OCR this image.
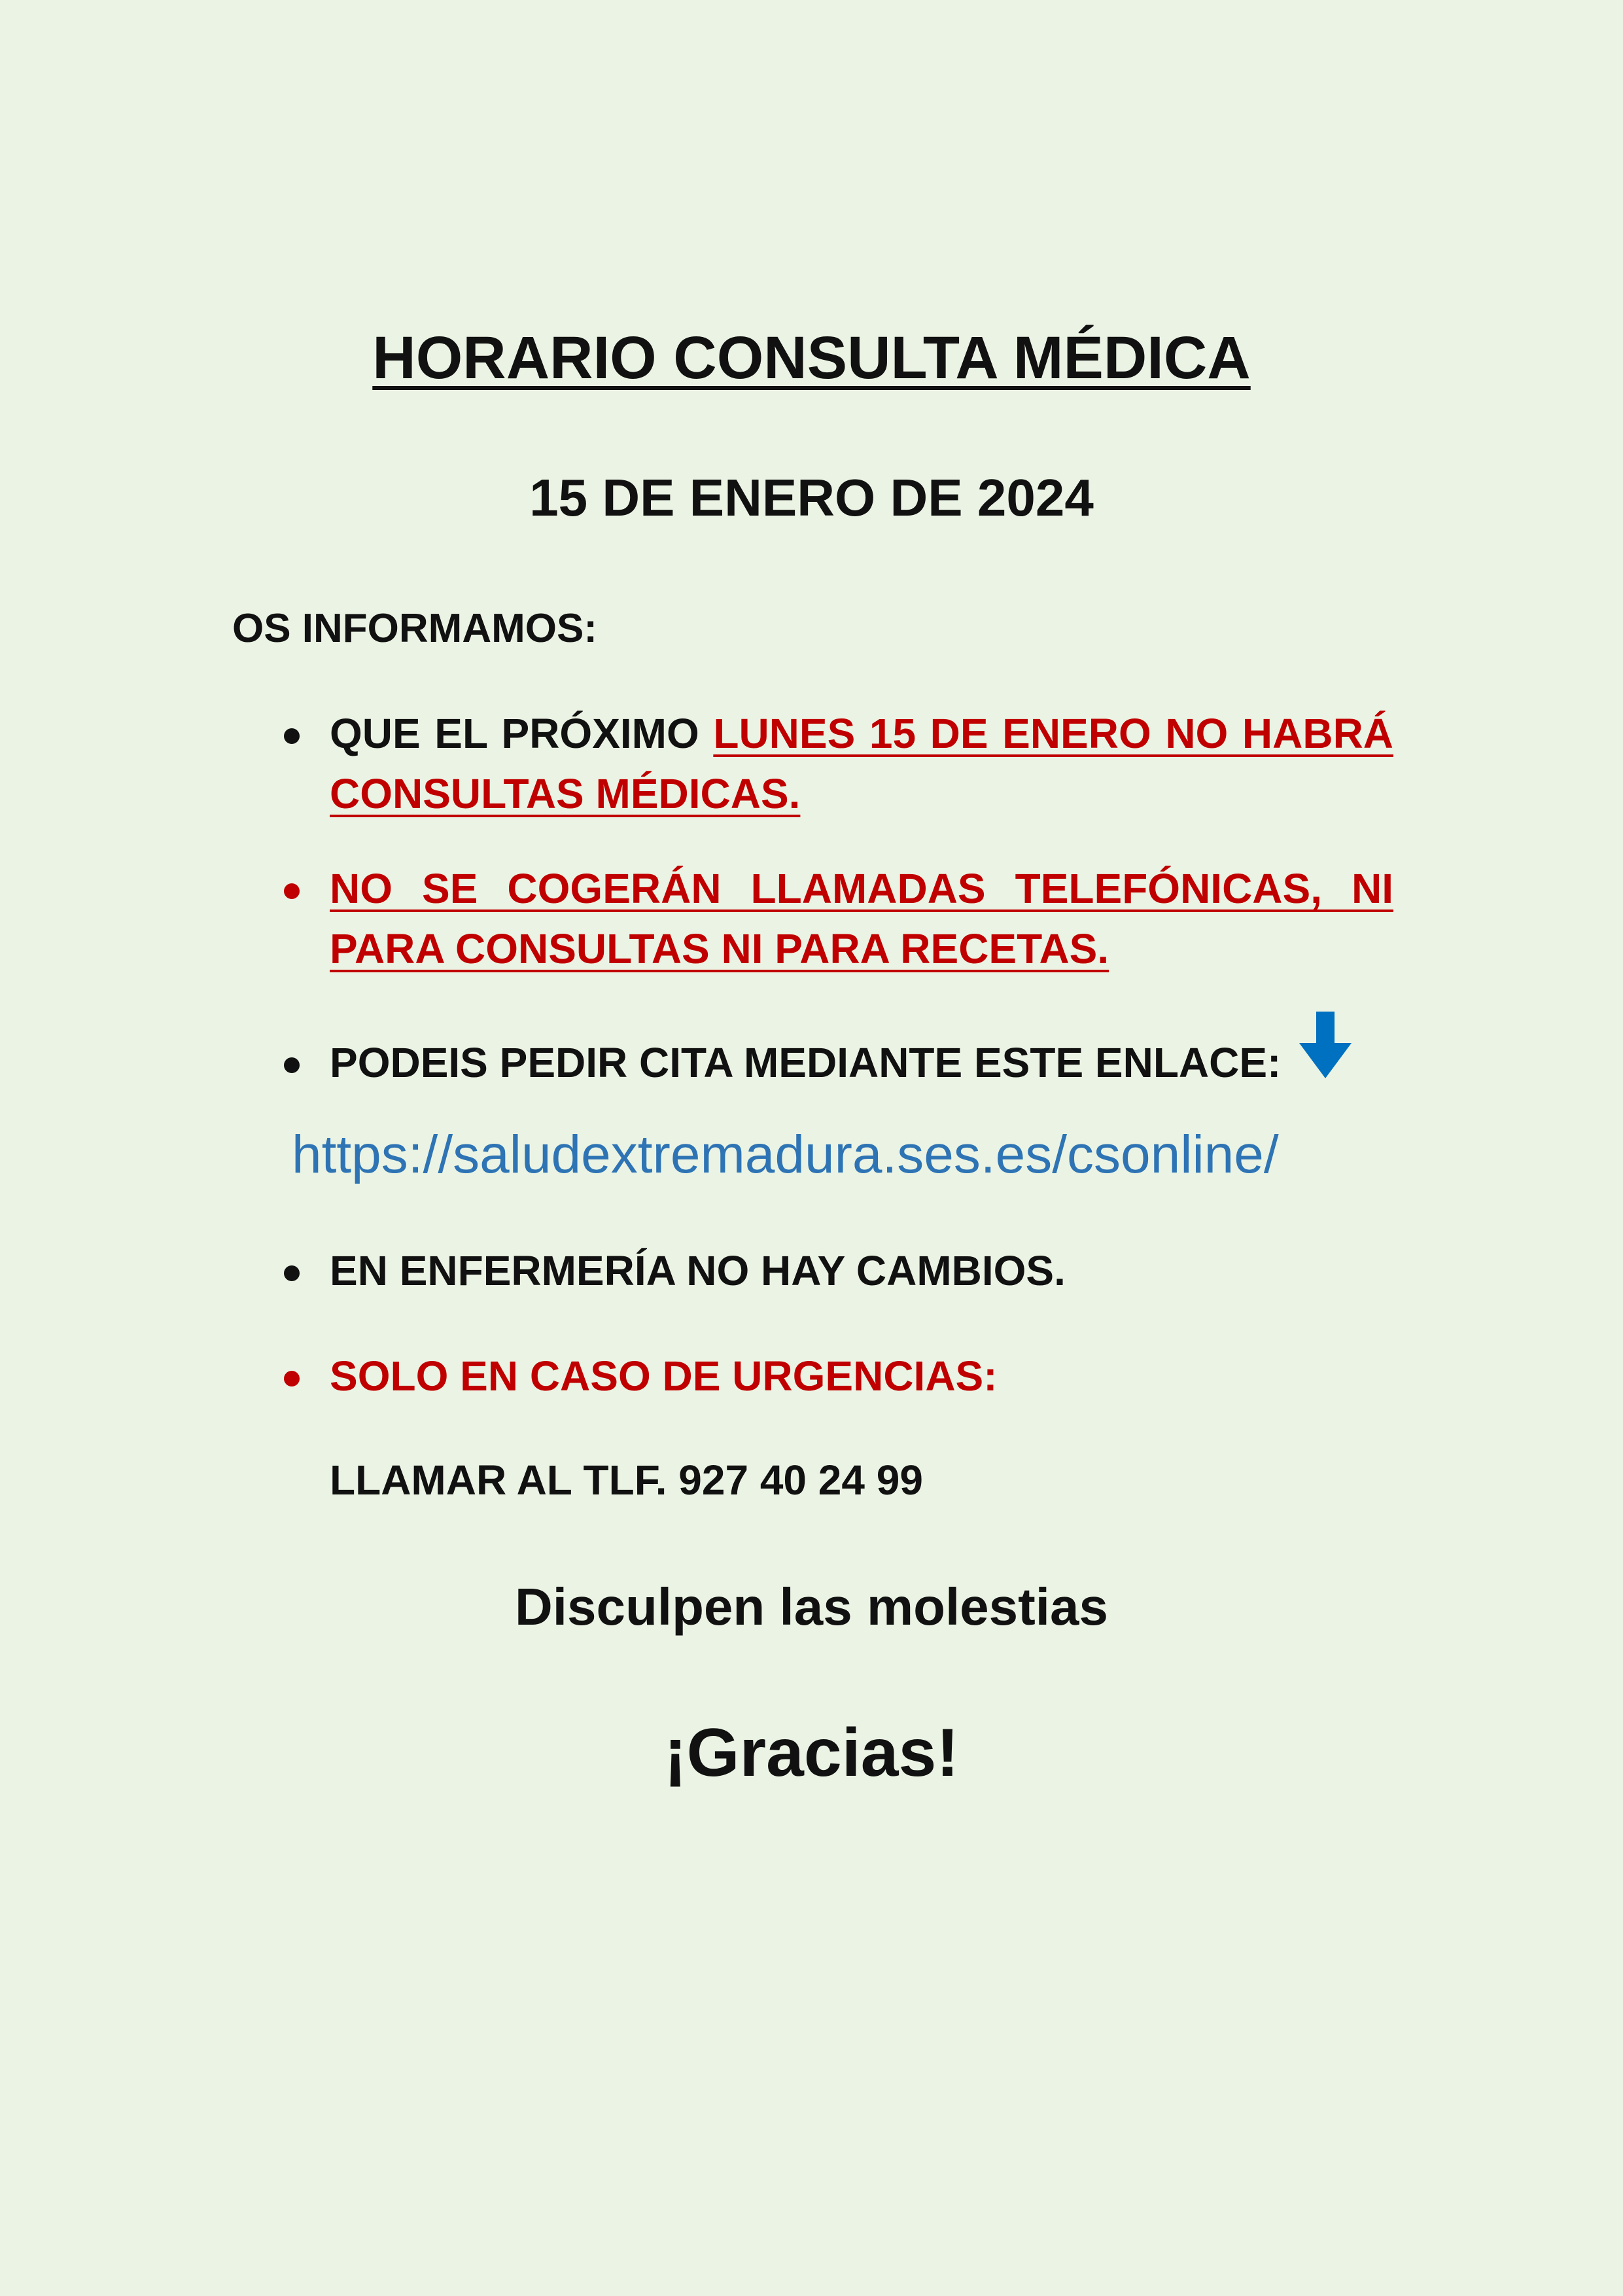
HORARIO CONSULTA MÉDICA
15 DE ENERO DE 2024
OS INFORMAMOS:
QUE EL PRÓXIMO LUNES 15 DE ENERO NO HABRÁ CONSULTAS MÉDICAS.
NO SE COGERÁN LLAMADAS TELEFÓNICAS, NI PARA CONSULTAS NI PARA RECETAS.
PODEIS PEDIR CITA MEDIANTE ESTE ENLACE:
https://saludextremadura.ses.es/csonline/
EN ENFERMERÍA NO HAY CAMBIOS.
SOLO EN CASO DE URGENCIAS:
LLAMAR AL TLF. 927 40 24 99
Disculpen las molestias
¡Gracias!
